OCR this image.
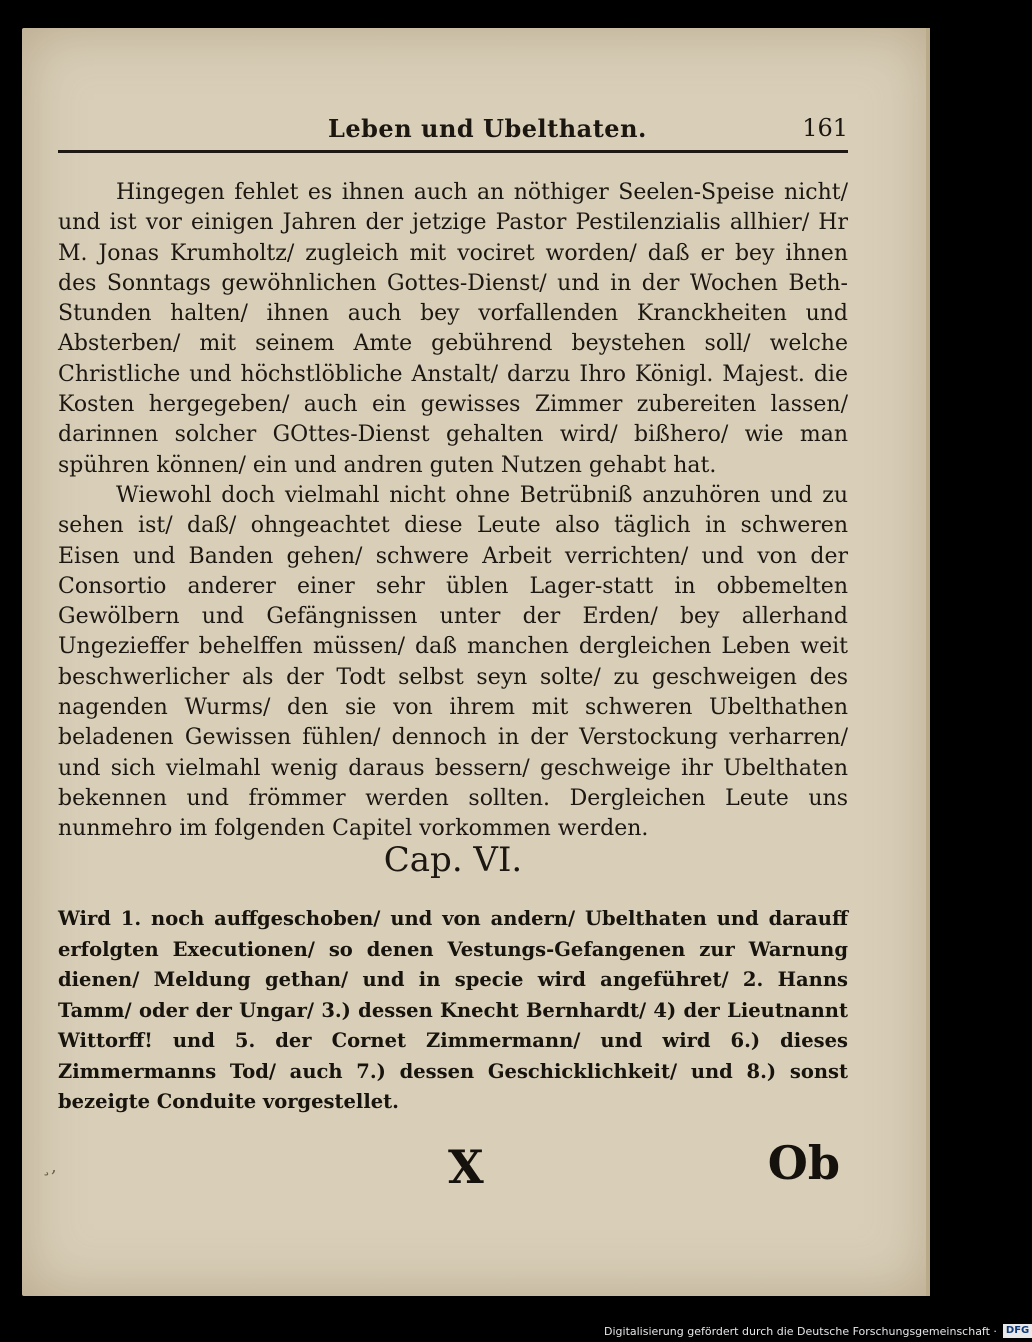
Leben und Ubelthaten.	161

Hingegen fehlet es ihnen auch an nöthiger Seelen-Speise nicht/ und ist vor einigen Jahren der jetzige Pastor Pestilenzialis allhier/ Hr M. Jonas Krumholtz/ zugleich mit vociret worden/ daß er bey ihnen des Sonntags gewöhnlichen Gottes-Dienst/ und in der Wochen Beth-Stunden halten/ ihnen auch bey vorfallenden Kranckheiten und Absterben/ mit seinem Amte gebührend beystehen soll/ welche Christliche und höchstlöbliche Anstalt/ darzu Ihro Königl. Majest. die Kosten hergegeben/ auch ein gewisses Zimmer zubereiten lassen/ darinnen solcher GOttes-Dienst gehalten wird/ bißhero/ wie man spühren können/ ein und andren guten Nutzen gehabt hat.

Wiewohl doch vielmahl nicht ohne Betrübniß anzuhören und zu sehen ist/ daß/ ohngeachtet diese Leute also täglich in schweren Eisen und Banden gehen/ schwere Arbeit verrichten/ und von der Consortio anderer einer sehr üblen Lager-statt in obbemelten Gewölbern und Gefängnissen unter der Erden/ bey allerhand Ungezieffer behelffen müssen/ daß manchen dergleichen Leben weit beschwerlicher als der Todt selbst seyn solte/ zu geschweigen des nagenden Wurms/ den sie von ihrem mit schweren Ubelthathen beladenen Gewissen fühlen/ dennoch in der Verstockung verharren/ und sich vielmahl wenig daraus bessern/ geschweige ihr Ubelthaten bekennen und frömmer werden sollten. Dergleichen Leute uns nunmehro im folgenden Capitel vorkommen werden.

Cap. VI.
Wird 1. noch auffgeschoben/ und von andern/ Ubelthaten und darauff erfolgten Executionen/ so denen Vestungs-Gefangenen zur Warnung dienen/ Meldung gethan/ und in specie wird angeführet/ 2. Hanns Tamm/ oder der Ungar/ 3.) dessen Knecht Bernhardt/ 4) der Lieutnannt Wittorff! und 5. der Cornet Zimmermann/ und wird 6.) dieses Zimmermanns Tod/ auch 7.) dessen Geschicklichkeit/ und 8.) sonst bezeigte Conduite vorgestellet.
X	Ob
¸,
Digitalisierung gefördert durch die Deutsche Forschungsgemeinschaft · DFG
